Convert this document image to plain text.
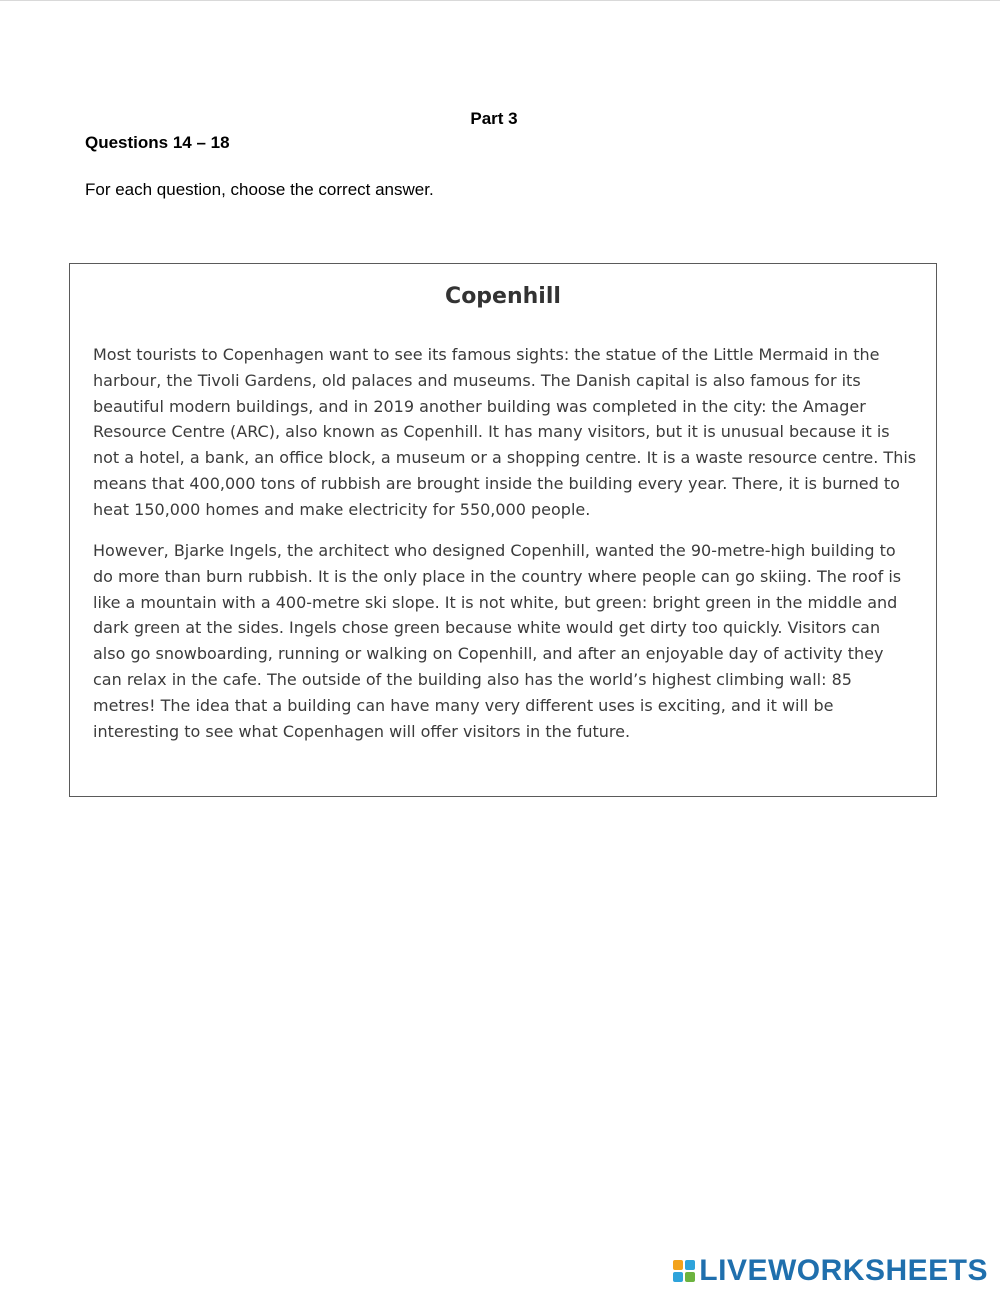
Part 3
Questions 14 – 18
For each question, choose the correct answer.
Copenhill

Most tourists to Copenhagen want to see its famous sights: the statue of the Little Mermaid in the harbour, the Tivoli Gardens, old palaces and museums. The Danish capital is also famous for its beautiful modern buildings, and in 2019 another building was completed in the city: the Amager Resource Centre (ARC), also known as Copenhill. It has many visitors, but it is unusual because it is not a hotel, a bank, an office block, a museum or a shopping centre. It is a waste resource centre. This means that 400,000 tons of rubbish are brought inside the building every year. There, it is burned to heat 150,000 homes and make electricity for 550,000 people.

However, Bjarke Ingels, the architect who designed Copenhill, wanted the 90-metre-high building to do more than burn rubbish. It is the only place in the country where people can go skiing. The roof is like a mountain with a 400-metre ski slope. It is not white, but green: bright green in the middle and dark green at the sides. Ingels chose green because white would get dirty too quickly. Visitors can also go snowboarding, running or walking on Copenhill, and after an enjoyable day of activity they can relax in the cafe. The outside of the building also has the world’s highest climbing wall: 85 metres! The idea that a building can have many very different uses is exciting, and it will be interesting to see what Copenhagen will offer visitors in the future.

LIVEWORKSHEETS
